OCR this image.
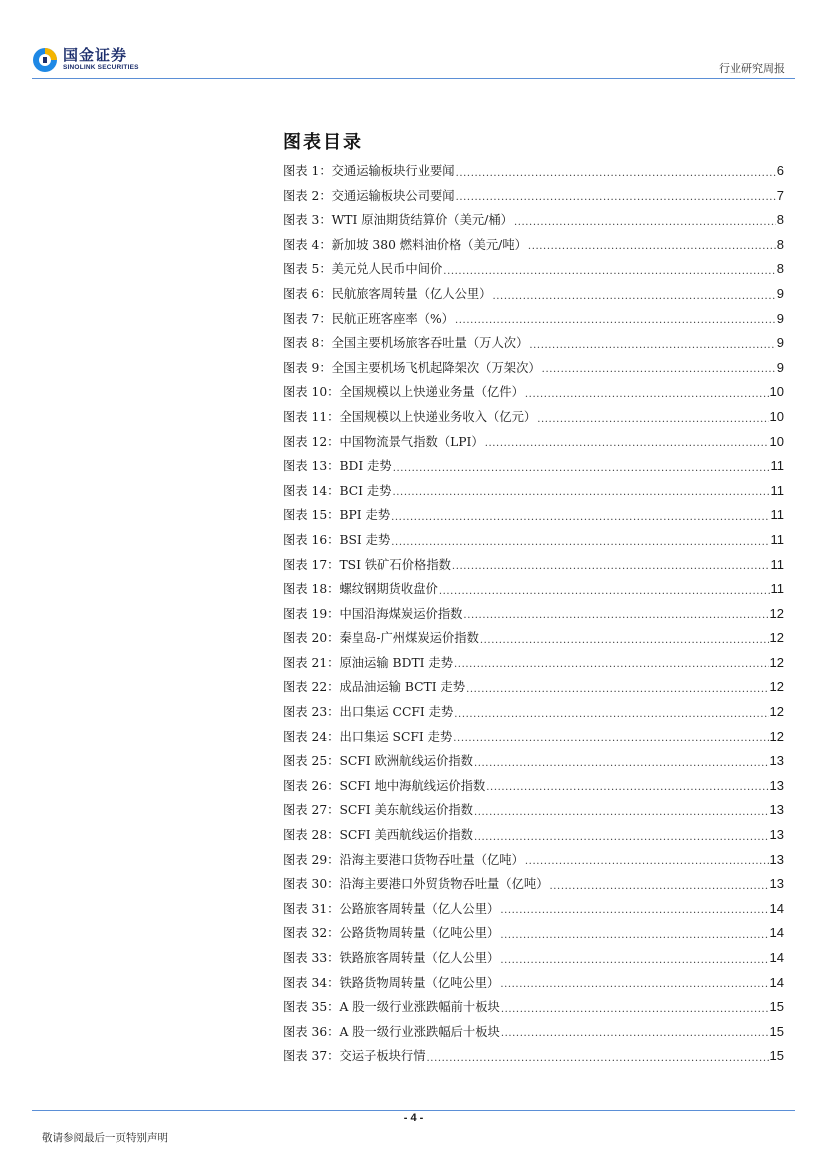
国金证券
SINOLINK SECURITIES	行业研究周报
图表目录
图表 1：交通运输板块行业要闻 .....	6
图表 2：交通运输板块公司要闻 .....	7
图表 3：WTI 原油期货结算价（美元/桶） .....	8
图表 4：新加坡 380 燃料油价格（美元/吨） .....	8
图表 5：美元兑人民币中间价 .....	8
图表 6：民航旅客周转量（亿人公里） .....	9
图表 7：民航正班客座率（%） .....	9
图表 8：全国主要机场旅客吞吐量（万人次） .....	9
图表 9：全国主要机场飞机起降架次（万架次） .....	9
图表 10：全国规模以上快递业务量（亿件） .....	10
图表 11：全国规模以上快递业务收入（亿元） .....	10
图表 12：中国物流景气指数（LPI） .....	10
图表 13：BDI 走势 .....	11
图表 14：BCI 走势 .....	11
图表 15：BPI 走势 .....	11
图表 16：BSI 走势 .....	11
图表 17：TSI 铁矿石价格指数 .....	11
图表 18：螺纹钢期货收盘价 .....	11
图表 19：中国沿海煤炭运价指数 .....	12
图表 20：秦皇岛-广州煤炭运价指数 .....	12
图表 21：原油运输 BDTI 走势 .....	12
图表 22：成品油运输 BCTI 走势 .....	12
图表 23：出口集运 CCFI 走势 .....	12
图表 24：出口集运 SCFI 走势 .....	12
图表 25：SCFI 欧洲航线运价指数 .....	13
图表 26：SCFI 地中海航线运价指数 .....	13
图表 27：SCFI 美东航线运价指数 .....	13
图表 28：SCFI 美西航线运价指数 .....	13
图表 29：沿海主要港口货物吞吐量（亿吨） .....	13
图表 30：沿海主要港口外贸货物吞吐量（亿吨） .....	13
图表 31：公路旅客周转量（亿人公里） .....	14
图表 32：公路货物周转量（亿吨公里） .....	14
图表 33：铁路旅客周转量（亿人公里） .....	14
图表 34：铁路货物周转量（亿吨公里） .....	14
图表 35：A 股一级行业涨跌幅前十板块 .....	15
图表 36：A 股一级行业涨跌幅后十板块 .....	15
图表 37：交运子板块行情 .....	15
- 4 -
敬请参阅最后一页特别声明
